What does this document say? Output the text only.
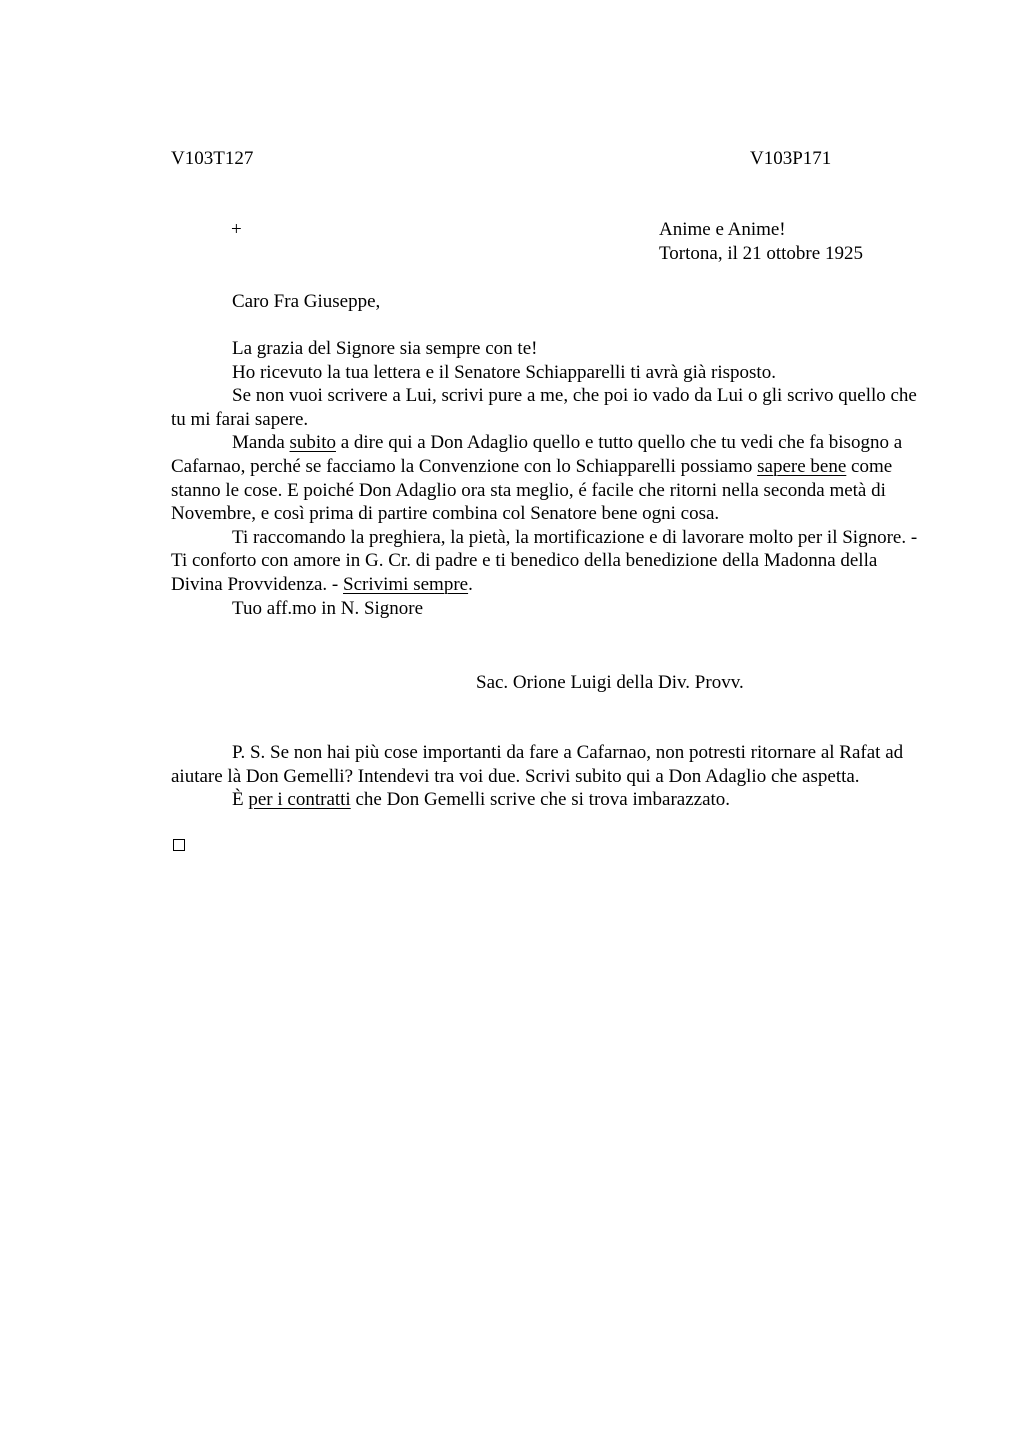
V103T127	V103P171
+	Anime e Anime!
Tortona, il 21 ottobre 1925
Caro Fra Giuseppe,

La grazia del Signore sia sempre con te!

Ho ricevuto la tua lettera e il Senatore Schiapparelli ti avrà già risposto.

Se non vuoi scrivere a Lui, scrivi pure a me, che poi io vado da Lui o gli scrivo quello che tu mi farai sapere.

Manda subito a dire qui a Don Adaglio quello e tutto quello che tu vedi che fa bisogno a Cafarnao, perché se facciamo la Convenzione con lo Schiapparelli possiamo sapere bene come stanno le cose. E poiché Don Adaglio ora sta meglio, é facile che ritorni nella seconda metà di Novembre, e così prima di partire combina col Senatore bene ogni cosa.

Ti raccomando la preghiera, la pietà, la mortificazione e di lavorare molto per il Signore. - Ti conforto con amore in G. Cr. di padre e ti benedico della benedizione della Madonna della Divina Provvidenza. - Scrivimi sempre.

Tuo aff.mo in N. Signore

Sac. Orione Luigi della Div. Provv.

P. S. Se non hai più cose importanti da fare a Cafarnao, non potresti ritornare al Rafat ad aiutare là Don Gemelli? Intendevi tra voi due. Scrivi subito qui a Don Adaglio che aspetta.

È per i contratti che Don Gemelli scrive che si trova imbarazzato.
